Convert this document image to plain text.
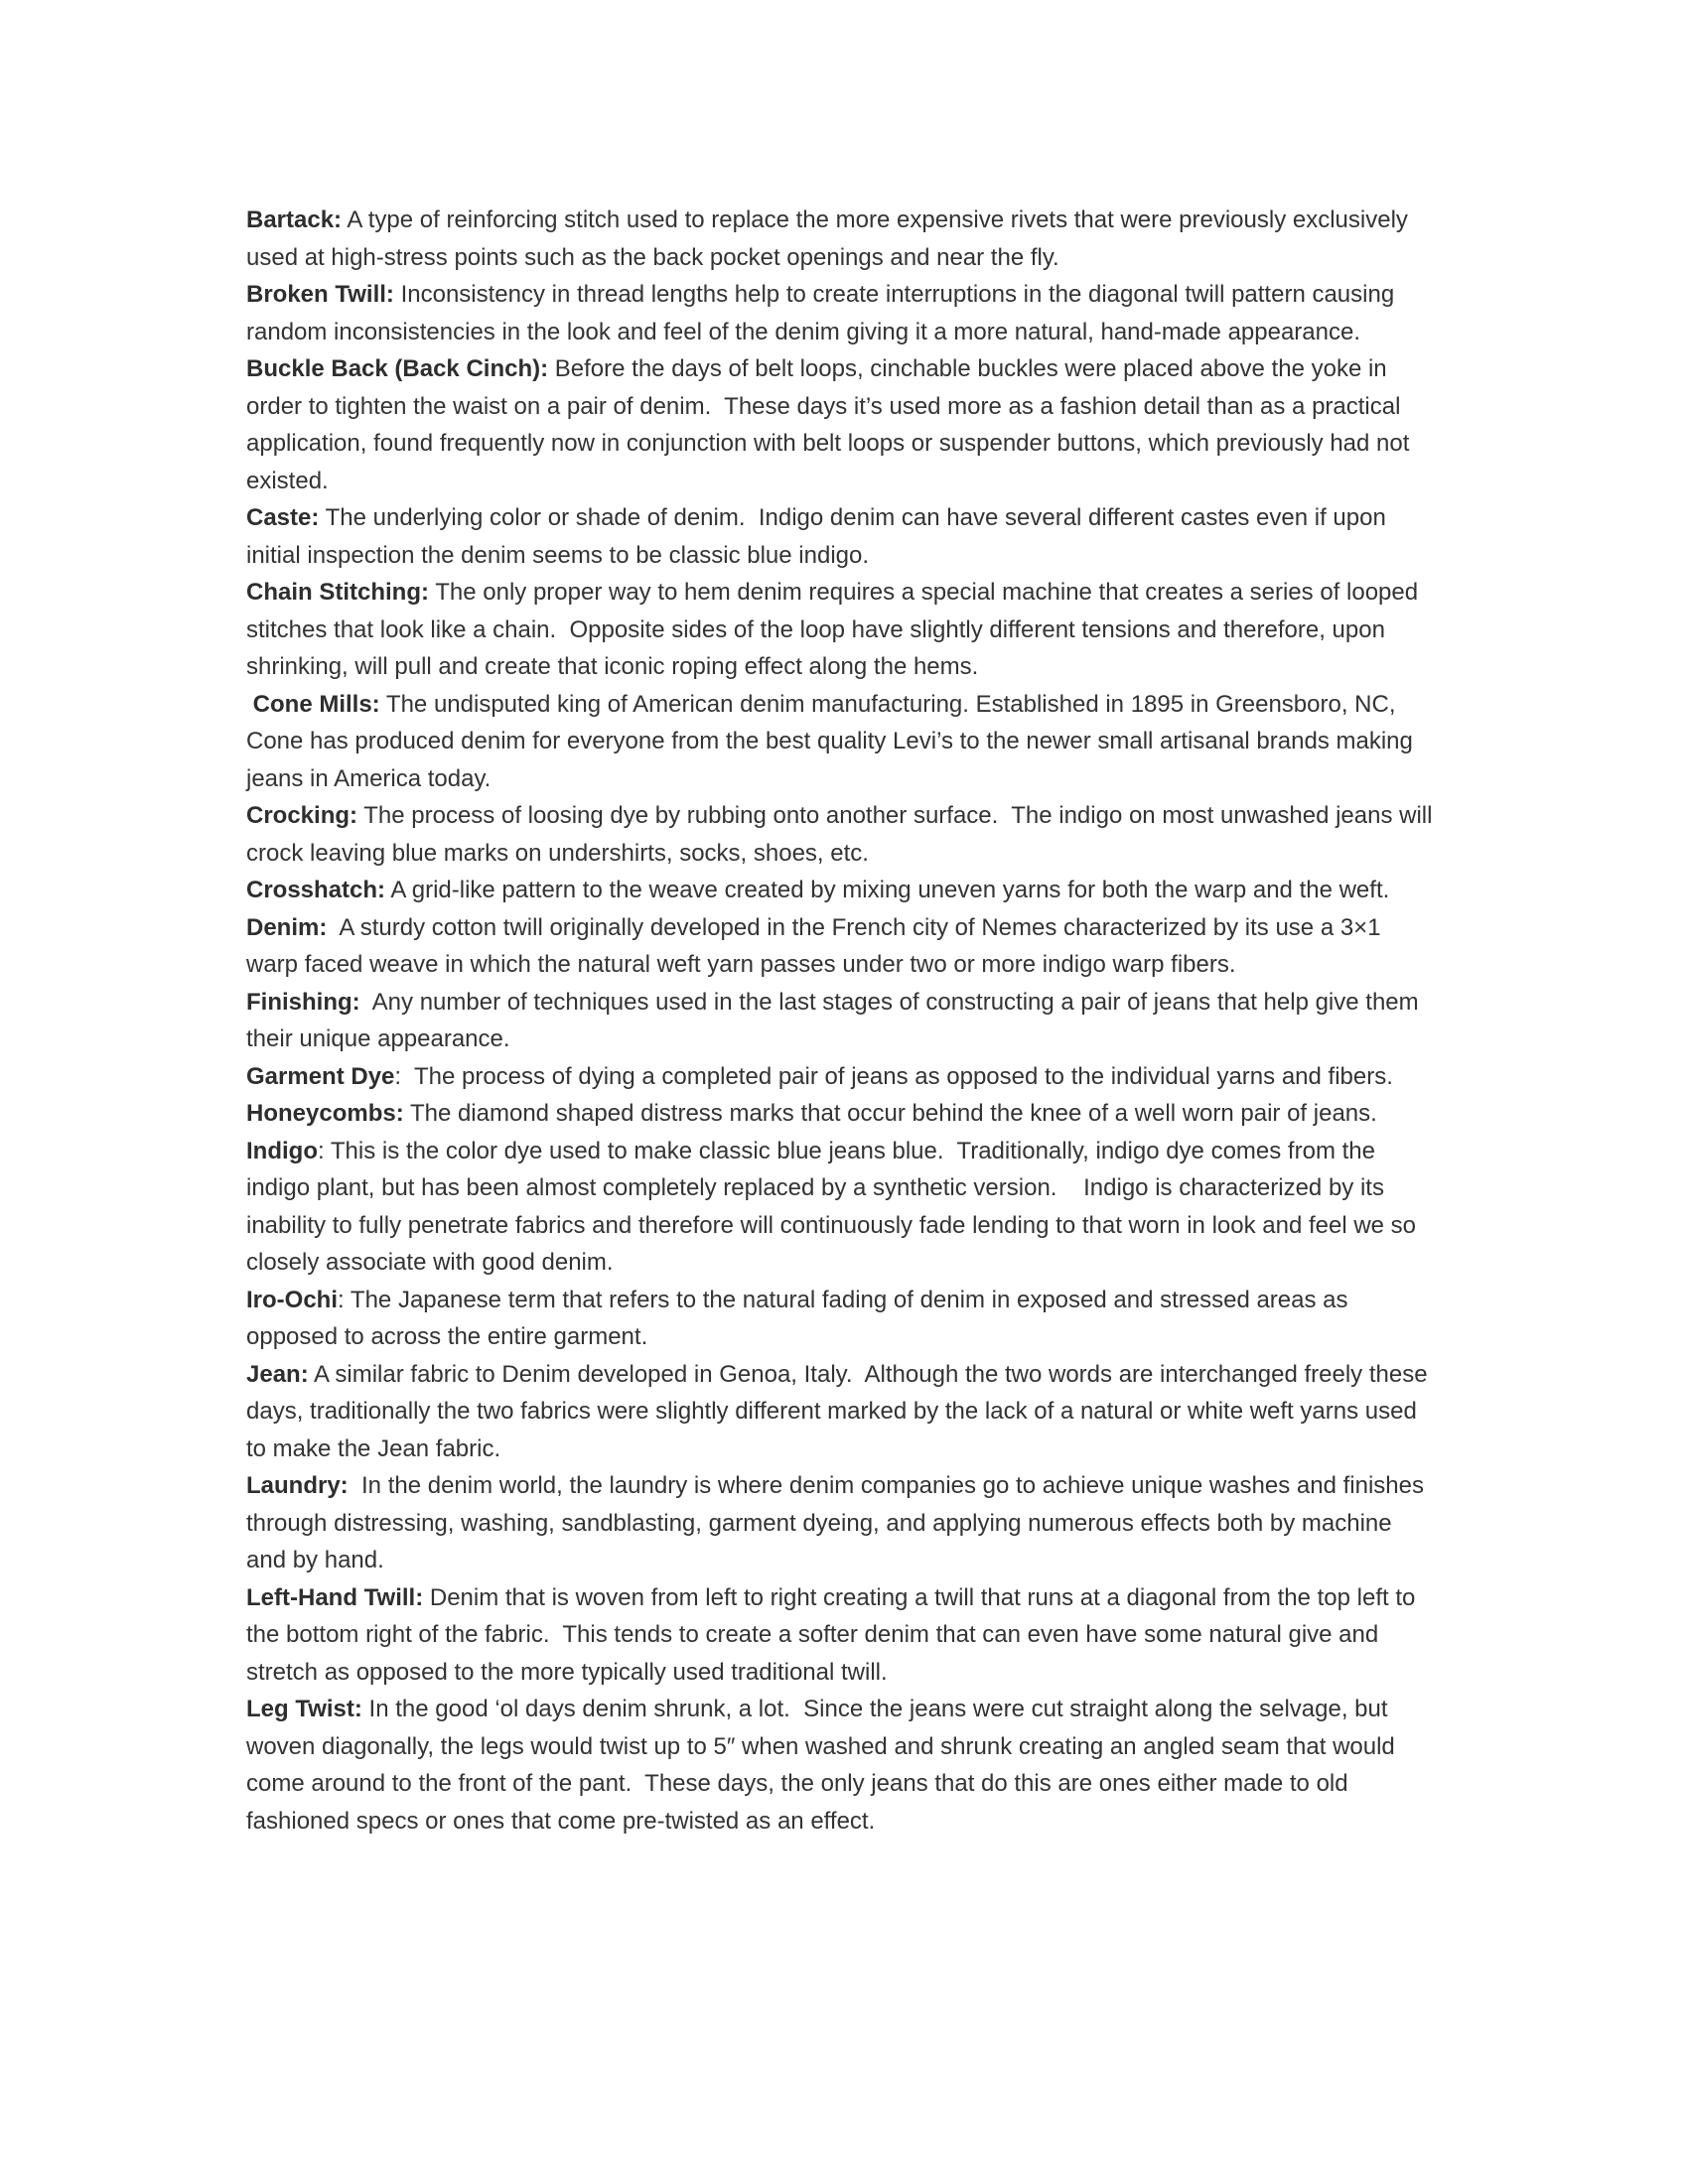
Bartack: A type of reinforcing stitch used to replace the more expensive rivets that were previously exclusively used at high-stress points such as the back pocket openings and near the fly.

Broken Twill: Inconsistency in thread lengths help to create interruptions in the diagonal twill pattern causing random inconsistencies in the look and feel of the denim giving it a more natural, hand-made appearance.

Buckle Back (Back Cinch): Before the days of belt loops, cinchable buckles were placed above the yoke in order to tighten the waist on a pair of denim.  These days it’s used more as a fashion detail than as a practical application, found frequently now in conjunction with belt loops or suspender buttons, which previously had not existed.

Caste: The underlying color or shade of denim.  Indigo denim can have several different castes even if upon initial inspection the denim seems to be classic blue indigo.

Chain Stitching: The only proper way to hem denim requires a special machine that creates a series of looped stitches that look like a chain.  Opposite sides of the loop have slightly different tensions and therefore, upon shrinking, will pull and create that iconic roping effect along the hems.

Cone Mills: The undisputed king of American denim manufacturing. Established in 1895 in Greensboro, NC, Cone has produced denim for everyone from the best quality Levi’s to the newer small artisanal brands making  jeans in America today.

Crocking: The process of loosing dye by rubbing onto another surface.  The indigo on most unwashed jeans will crock leaving blue marks on undershirts, socks, shoes, etc.

Crosshatch: A grid-like pattern to the weave created by mixing uneven yarns for both the warp and the weft.

Denim:  A sturdy cotton twill originally developed in the French city of Nemes characterized by its use a 3×1 warp faced weave in which the natural weft yarn passes under two or more indigo warp fibers.

Finishing:  Any number of techniques used in the last stages of constructing a pair of jeans that help give them their unique appearance.

Garment Dye:  The process of dying a completed pair of jeans as opposed to the individual yarns and fibers.

Honeycombs: The diamond shaped distress marks that occur behind the knee of a well worn pair of jeans.

Indigo: This is the color dye used to make classic blue jeans blue.  Traditionally, indigo dye comes from the indigo plant, but has been almost completely replaced by a synthetic version.    Indigo is characterized by its inability to fully penetrate fabrics and therefore will continuously fade lending to that worn in look and feel we so closely associate with good denim.

Iro-Ochi: The Japanese term that refers to the natural fading of denim in exposed and stressed areas as opposed to across the entire garment.

Jean: A similar fabric to Denim developed in Genoa, Italy.  Although the two words are interchanged freely these days, traditionally the two fabrics were slightly different marked by the lack of a natural or white weft yarns used to make the Jean fabric.

Laundry:  In the denim world, the laundry is where denim companies go to achieve unique washes and finishes through distressing, washing, sandblasting, garment dyeing, and applying numerous effects both by machine and by hand.

Left-Hand Twill: Denim that is woven from left to right creating a twill that runs at a diagonal from the top left to the bottom right of the fabric.  This tends to create a softer denim that can even have some natural give and stretch as opposed to the more typically used traditional twill.

Leg Twist: In the good ‘ol days denim shrunk, a lot.  Since the jeans were cut straight along the selvage, but woven diagonally, the legs would twist up to 5″ when washed and shrunk creating an angled seam that would come around to the front of the pant.  These days, the only jeans that do this are ones either made to old fashioned specs or ones that come pre-twisted as an effect.
